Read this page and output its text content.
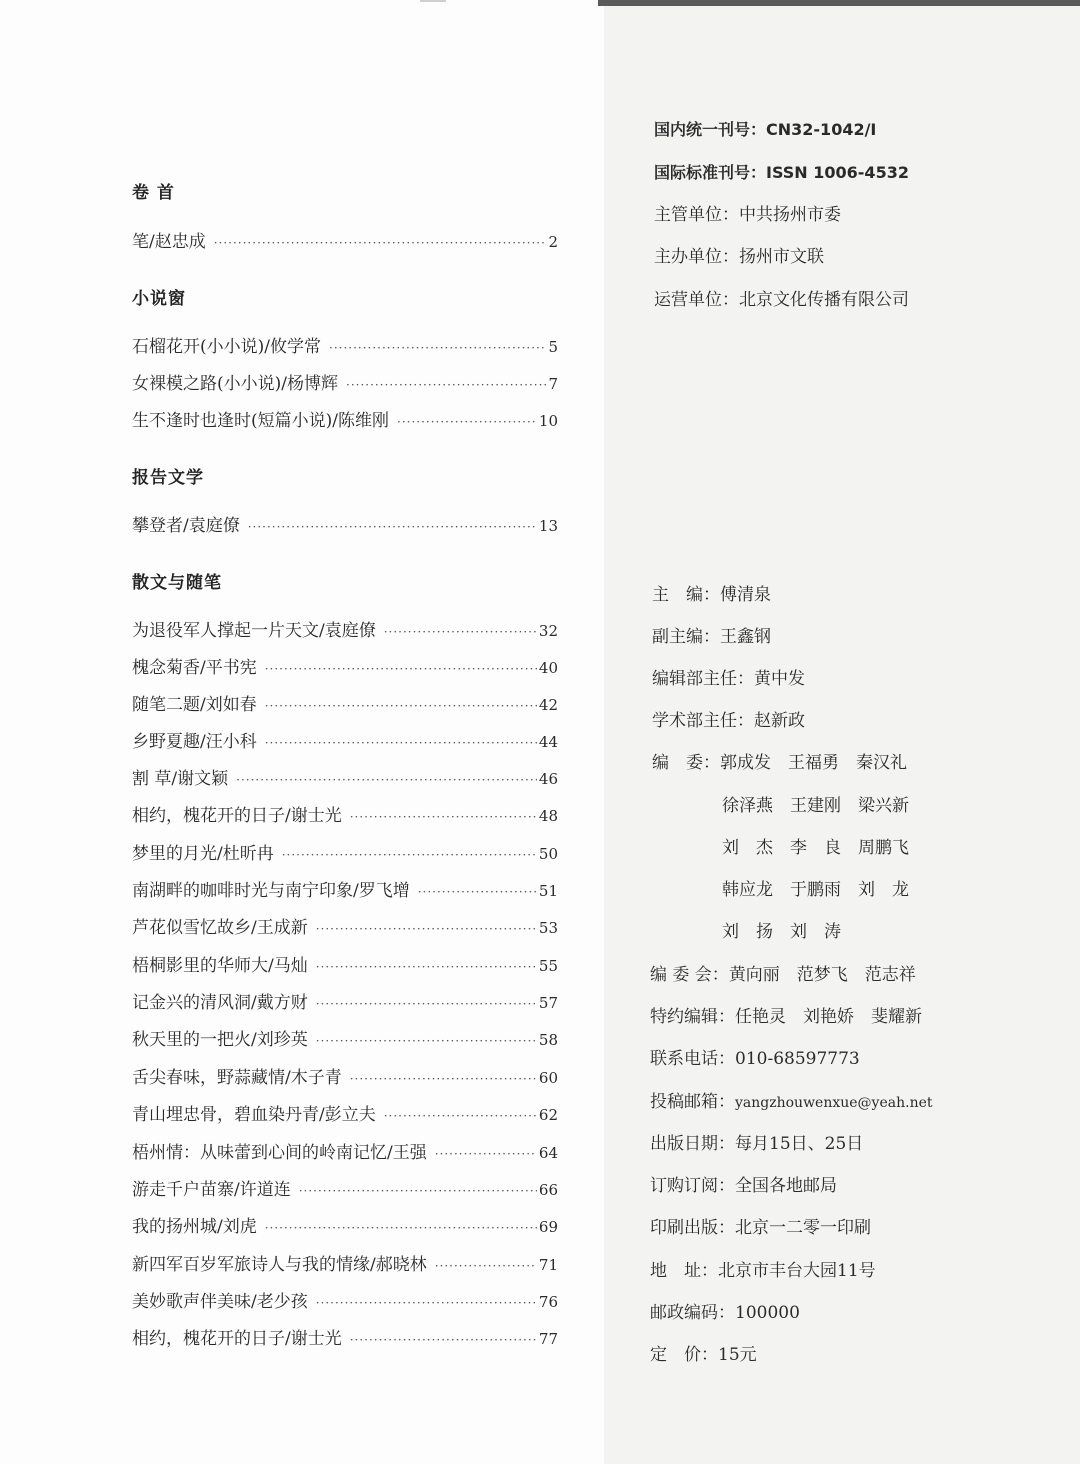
卷 首
笔/赵忠成 ·····	2
小说窗
石榴花开(小小说)/攸学常 ·····	5
女裸模之路(小小说)/杨博辉 ·····	7
生不逢时也逢时(短篇小说)/陈维刚 ·····	10
报告文学
攀登者/袁庭僚 ·····	13
散文与随笔
为退役军人撑起一片天文/袁庭僚 ·····	32
槐念菊香/平书宪 ·····	40
随笔二题/刘如春 ·····	42
乡野夏趣/汪小科 ·····	44
割 草/谢文颖 ·····	46
相约，槐花开的日子/谢士光 ·····	48
梦里的月光/杜昕冉 ·····	50
南湖畔的咖啡时光与南宁印象/罗飞增 ·····	51
芦花似雪忆故乡/王成新 ·····	53
梧桐影里的华师大/马灿 ·····	55
记金兴的清风洞/戴方财 ·····	57
秋天里的一把火/刘珍英 ·····	58
舌尖春味，野蒜藏情/木子青 ·····	60
青山埋忠骨，碧血染丹青/彭立夫 ·····	62
梧州情：从味蕾到心间的岭南记忆/王强 ·····	64
游走千户苗寨/许道连 ·····	66
我的扬州城/刘虎 ·····	69
新四军百岁军旅诗人与我的情缘/郝晓林 ·····	71
美妙歌声伴美味/老少孩 ·····	76
相约，槐花开的日子/谢士光 ·····	77
国内统一刊号：CN32-1042/I
国际标准刊号：ISSN 1006-4532
主管单位：中共扬州市委
主办单位：扬州市文联
运营单位：北京文化传播有限公司
主　编：傅清泉
副主编：王鑫钢
编辑部主任：黄中发
学术部主任：赵新政
编　委：郭成发　王福勇　秦汉礼
徐泽燕　王建刚　梁兴新
刘　杰　李　良　周鹏飞
韩应龙　于鹏雨　刘　龙
刘　扬　刘　涛
编 委 会：黄向丽　范梦飞　范志祥
特约编辑：任艳灵　刘艳娇　斐耀新
联系电话：010-68597773
投稿邮箱：yangzhouwenxue@yeah.net
出版日期：每月15日、25日
订购订阅：全国各地邮局
印刷出版：北京一二零一印刷
地　址：北京市丰台大园11号
邮政编码：100000
定　价：15元
